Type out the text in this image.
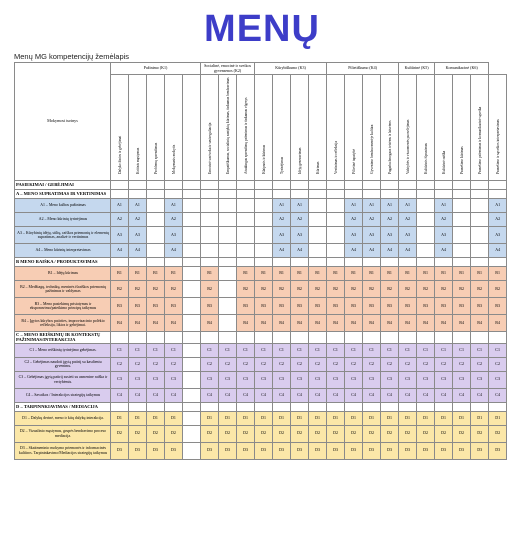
MENŲ
Menų MG kompetencijų žemėlapis
Mokymosi turinys	Pažinimo (K1)					Socialinė, emocinė ir sveikos gyvensenos (K2)			Kūrybiškumo (K3)				Pilietiškumo (K4)				Kultūrinė (K5)		Komunikacinė (K6)			

	Dalyko žinios ir gebėjimai	Kritinis mąstymas	Problemų sprendimas	Mokymasis mokytis		Emocinė savivoka ir savireguliacija	Empatiškumas, socialinių santykių kūrimas, tinkamas bendravimas	Atsakingas sprendimų priėmimas ir tinkamas elgesys	Išlaipsnis ir kūrimas	Tyrinėjimas	Idėjų generavimas	Kūrimas	Vertinimas ir refleksija	Pilietinė tapatybė	Gyvenimo bendruomenėje kultūra	Pagarba žmogaus teisėms ir laisvėms	Valstybės ir visuomenės puoselėjimas	Kultūrinis išprusimas	Kultūrinė raiška	Pranešimo kūrimas	Pranešimo priėmimas ir komunikacinė sąveika	Pranešimo ir sąveikos interpretavimas

PASIEKIMAI / GEBĖJIMAI																						
A – MENO SUPRATIMAS IR VERTINIMAS																						
A1 – Meno kalbos pažinimas	A1	A1		A1						A1	A1			A1	A1	A1	A1		A1			A1
A2 – Meno kūrinių tyrinėjimas	A2	A2		A2						A2	A2			A2	A2	A2	A2		A2			A2
A3 – Kūrybinių idėjų, stilių, raiškos priemonių ir elementų supratimas, analizė ir vertinimas	A3	A3		A3						A3	A3			A3	A3	A3	A3		A3			A3
A4 – Meno kūrinių interpretavimas	A4	A4		A4						A4	A4			A4	A4	A4	A4		A4			A4
B MENO RAIŠKA / PRODUKTAVIMAS																						
B1 – Idėjų kūrimas	B1	B1	B1	B1		B1		B1	B1	B1	B1	B1	B1	B1	B1	B1	B1	B1	B1	B1	B1	B1
B2 – Medžiagų, technikų, meninės išraiškos priemonių pažinimas ir valdymas	B2	B2	B2	B2		B2		B2	B2	B2	B2	B2	B2	B2	B2	B2	B2	B2	B2	B2	B2	B2
B3 – Meno pasiekimų pristatymas ir eksponavimo/pateikimo principų taikymas	B3	B3	B3	B3		B3		B3	B3	B3	B3	B3	B3	B3	B3	B3	B3	B3	B3	B3	B3	B3
B4 – Įgytos kūrybos patirties, improvizacinio polėkio refleksija, likios ir gebėjimai.	B4	B4	B4	B4		B4		B4	B4	B4	B4	B4	B4	B4	B4	B4	B4	B4	B4	B4	B4	B4
C – MENO REIŠKINIŲ IR KONTEKSTŲ PAŽINIMAS/INTERAKCIJA																						
C1 – Meno reiškinių tyrinėjimo gebėjimas.	C1	C1	C1	C1		C1	C1	C1	C1	C1	C1	C1	C1	C1	C1	C1	C1	C1	C1	C1	C1	C1
C2 – Gebėjimas naudoti įgytą patirtį su kasdieniu gyvenimu.	C2	C2	C2	C2		C2	C2	C2	C2	C2	C2	C2	C2	C2	C2	C2	C2	C2	C2	C2	C2	C2
C3 – Gebėjimas įgytą patirtį susieti su asmenine raiška ir vertybėmis.	C3	C3	C3	C3		C3	C3	C3	C3	C3	C3	C3	C3	C3	C3	C3	C3	C3	C3	C3	C3	C3
C4 – Savaikos / Interakcijos strategijų taikymas	C4	C4	C4	C4		C4	C4	C4	C4	C4	C4	C4	C4	C4	C4	C4	C4	C4	C4	C4	C4	C4
D – TARPINNKIAVIMAS / MEDIACIJA																						
D1 – Dalykų derinė, meno ir kitų dalykų interakcija.	D1	D1	D1	D1		D1	D1	D1	D1	D1	D1	D1	D1	D1	D1	D1	D1	D1	D1	D1	D1	D1
D2 – Vizualinio mąstymas, grupės bendravimo proceso mediacija.	D2	D2	D2	D2		D2	D2	D2	D2	D2	D2	D2	D2	D2	D2	D2	D2	D2	D2	D2	D2	D2
D3 – Skaitmeninio mokymo priemonės ir informacinės kultūros. Tarpininkavimo/Mediacijos strategijų taikymas	D3	D3	D3	D3		D3	D3	D3	D3	D3	D3	D3	D3	D3	D3	D3	D3	D3	D3	D3	D3	D3
